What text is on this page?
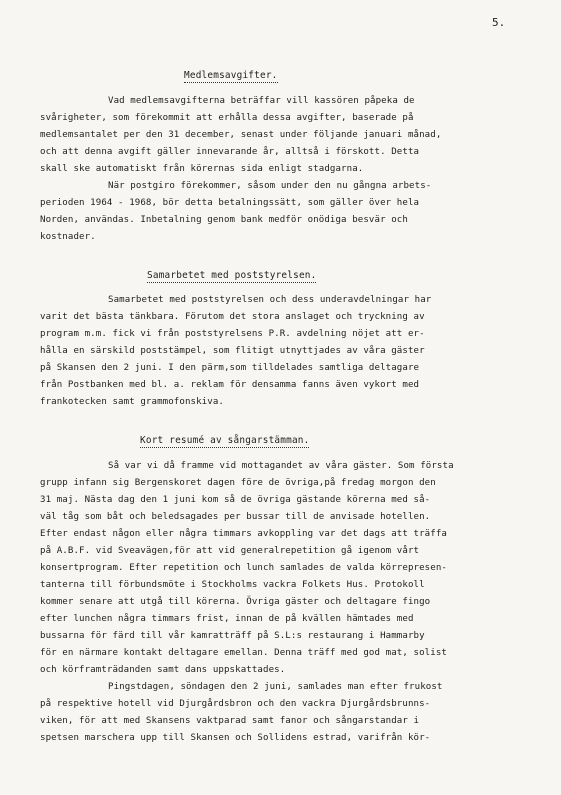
5.
Medlemsavgifter.
Vad medlemsavgifterna beträffar vill kassören påpeka de
svårigheter, som förekommit att erhålla dessa avgifter, baserade på
medlemsantalet per den 31 december, senast under följande januari månad,
och att denna avgift gäller innevarande år, alltså i förskott. Detta
skall ske automatiskt från körernas sida enligt stadgarna.
När postgiro förekommer, såsom under den nu gångna arbets-
perioden 1964 - 1968, bör detta betalningssätt, som gäller över hela
Norden, användas. Inbetalning genom bank medför onödiga besvär och
kostnader.
Samarbetet med poststyrelsen.
Samarbetet med poststyrelsen och dess underavdelningar har
varit det bästa tänkbara. Förutom det stora anslaget och tryckning av
program m.m. fick vi från poststyrelsens P.R. avdelning nöjet att er-
hålla en särskild poststämpel, som flitigt utnyttjades av våra gäster
på Skansen den 2 juni. I den pärm,som tilldelades samtliga deltagare
från Postbanken med bl. a. reklam för densamma fanns även vykort med
frankotecken samt grammofonskiva.
Kort resumé av sångarstämman.
Så var vi då framme vid mottagandet av våra gäster. Som första
grupp infann sig Bergenskoret dagen före de övriga,på fredag morgon den
31 maj. Nästa dag den 1 juni kom så de övriga gästande körerna med så-
väl tåg som båt och beledsagades per bussar till de anvisade hotellen.
Efter endast någon eller några timmars avkoppling var det dags att träffa
på A.B.F. vid Sveavägen,för att vid generalrepetition gå igenom vårt
konsertprogram. Efter repetition och lunch samlades de valda körrepresen-
tanterna till förbundsmöte i Stockholms vackra Folkets Hus. Protokoll
kommer senare att utgå till körerna. Övriga gäster och deltagare fingo
efter lunchen några timmars frist, innan de på kvällen hämtades med
bussarna för färd till vår kamratträff på S.L:s restaurang i Hammarby
för en närmare kontakt deltagare emellan. Denna träff med god mat, solist
och körframträdanden samt dans uppskattades.
Pingstdagen, söndagen den 2 juni, samlades man efter frukost
på respektive hotell vid Djurgårdsbron och den vackra Djurgårdsbrunns-
viken, för att med Skansens vaktparad samt fanor och sångarstandar i
spetsen marschera upp till Skansen och Sollidens estrad, varifrån kör-
